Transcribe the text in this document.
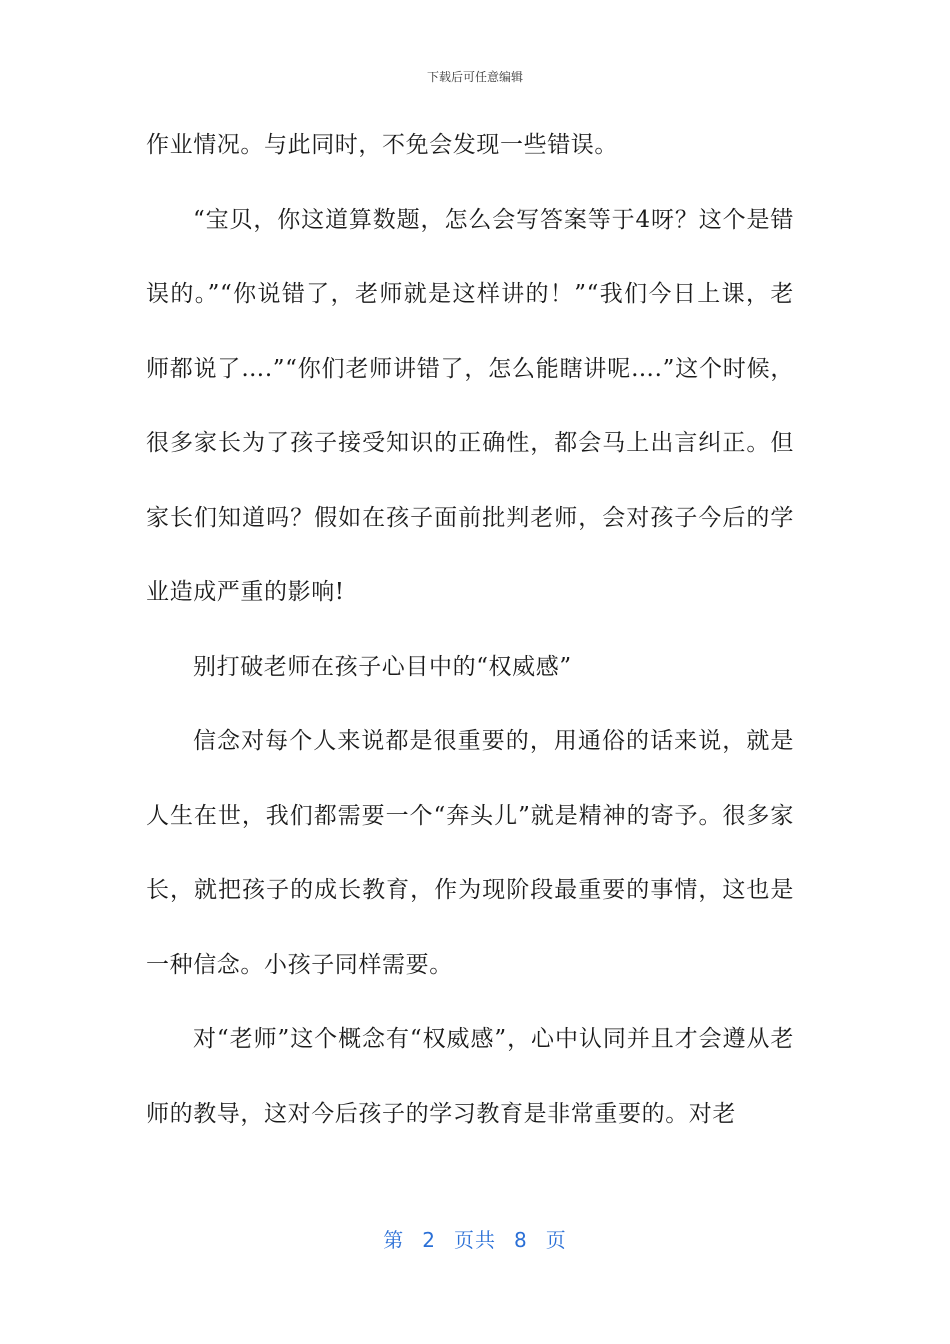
下载后可任意编辑

作业情况。与此同时，不免会发现一些错误。

“宝贝，你这道算数题，怎么会写答案等于4呀？这个是错误的。”“你说错了，老师就是这样讲的！”“我们今日上课，老师都说了….”“你们老师讲错了，怎么能瞎讲呢….”这个时候，很多家长为了孩子接受知识的正确性，都会马上出言纠正。但家长们知道吗？假如在孩子面前批判老师，会对孩子今后的学业造成严重的影响!

别打破老师在孩子心目中的“权威感”

信念对每个人来说都是很重要的，用通俗的话来说，就是人生在世，我们都需要一个“奔头儿”就是精神的寄予。很多家长，就把孩子的成长教育，作为现阶段最重要的事情，这也是一种信念。小孩子同样需要。

对“老师”这个概念有“权威感”，心中认同并且才会遵从老师的教导，这对今后孩子的学习教育是非常重要的。对老

第 2 页共 8 页
